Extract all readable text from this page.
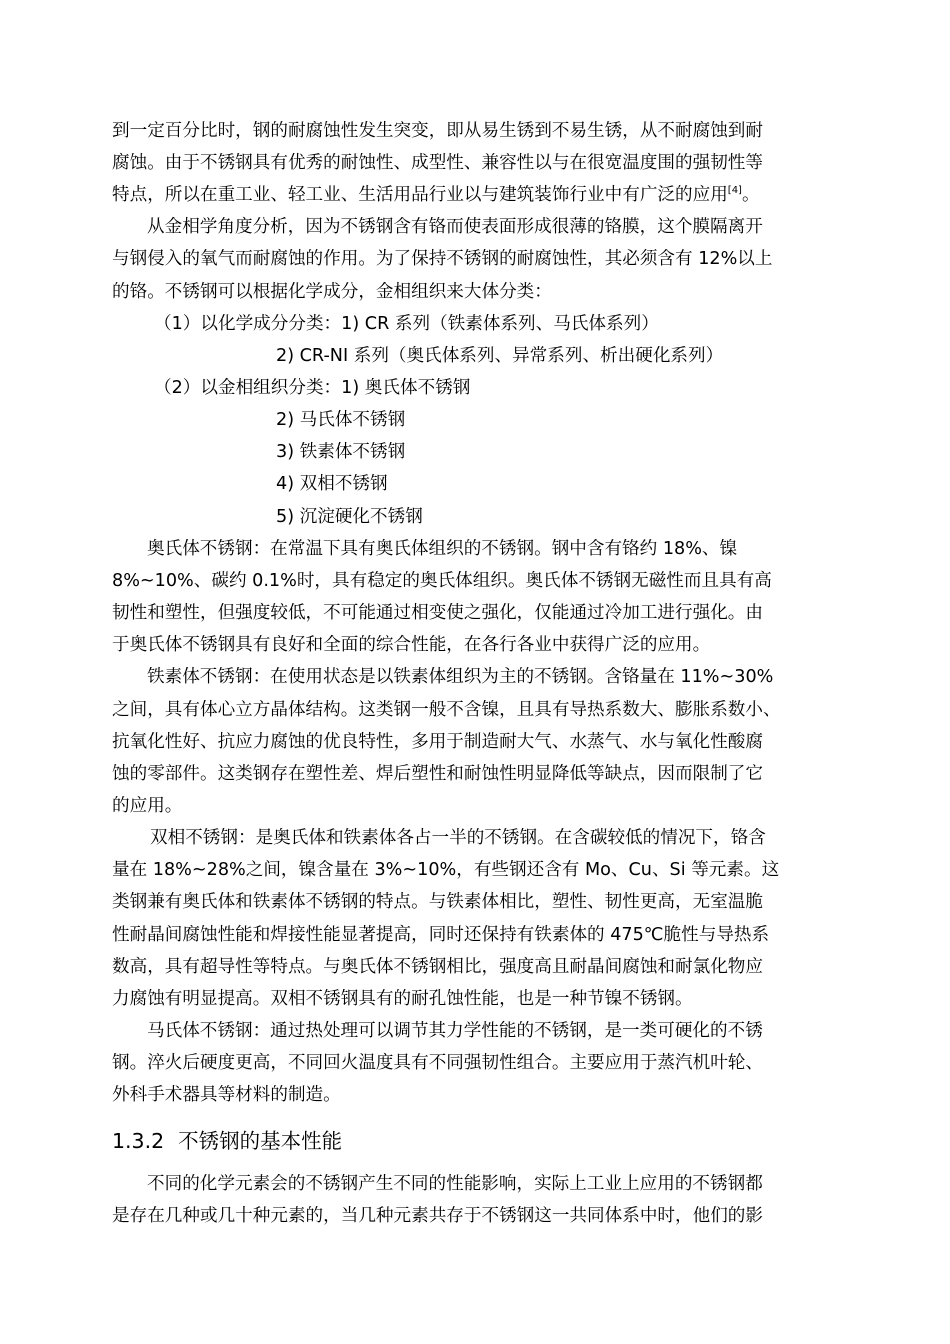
到一定百分比时，钢的耐腐蚀性发生突变，即从易生锈到不易生锈，从不耐腐蚀到耐
腐蚀。由于不锈钢具有优秀的耐蚀性、成型性、兼容性以与在很宽温度围的强韧性等
特点，所以在重工业、轻工业、生活用品行业以与建筑装饰行业中有广泛的应用[4]。
从金相学角度分析，因为不锈钢含有铬而使表面形成很薄的铬膜，这个膜隔离开
与钢侵入的氧气而耐腐蚀的作用。为了保持不锈钢的耐腐蚀性，其必须含有 12%以上
的铬。不锈钢可以根据化学成分，金相组织来大体分类：
（1）以化学成分分类：1) CR 系列（铁素体系列、马氏体系列）
2) CR-NI 系列（奥氏体系列、异常系列、析出硬化系列）
（2）以金相组织分类：1) 奥氏体不锈钢
2) 马氏体不锈钢
3) 铁素体不锈钢
4) 双相不锈钢
5) 沉淀硬化不锈钢
奥氏体不锈钢：在常温下具有奥氏体组织的不锈钢。钢中含有铬约 18%、镍
8%~10%、碳约 0.1%时，具有稳定的奥氏体组织。奥氏体不锈钢无磁性而且具有高
韧性和塑性，但强度较低，不可能通过相变使之强化，仅能通过冷加工进行强化。由
于奥氏体不锈钢具有良好和全面的综合性能，在各行各业中获得广泛的应用。
铁素体不锈钢：在使用状态是以铁素体组织为主的不锈钢。含铬量在 11%~30%
之间，具有体心立方晶体结构。这类钢一般不含镍，且具有导热系数大、膨胀系数小、
抗氧化性好、抗应力腐蚀的优良特性，多用于制造耐大气、水蒸气、水与氧化性酸腐
蚀的零部件。这类钢存在塑性差、焊后塑性和耐蚀性明显降低等缺点，因而限制了它
的应用。
双相不锈钢：是奥氏体和铁素体各占一半的不锈钢。在含碳较低的情况下，铬含
量在 18%~28%之间，镍含量在 3%~10%，有些钢还含有 Mo、Cu、Si 等元素。这
类钢兼有奥氏体和铁素体不锈钢的特点。与铁素体相比，塑性、韧性更高，无室温脆
性耐晶间腐蚀性能和焊接性能显著提高，同时还保持有铁素体的 475℃脆性与导热系
数高，具有超导性等特点。与奥氏体不锈钢相比，强度高且耐晶间腐蚀和耐氯化物应
力腐蚀有明显提高。双相不锈钢具有的耐孔蚀性能，也是一种节镍不锈钢。
马氏体不锈钢：通过热处理可以调节其力学性能的不锈钢，是一类可硬化的不锈
钢。淬火后硬度更高，不同回火温度具有不同强韧性组合。主要应用于蒸汽机叶轮、
外科手术器具等材料的制造。
1.3.2 不锈钢的基本性能
不同的化学元素会的不锈钢产生不同的性能影响，实际上工业上应用的不锈钢都
是存在几种或几十种元素的，当几种元素共存于不锈钢这一共同体系中时，他们的影
